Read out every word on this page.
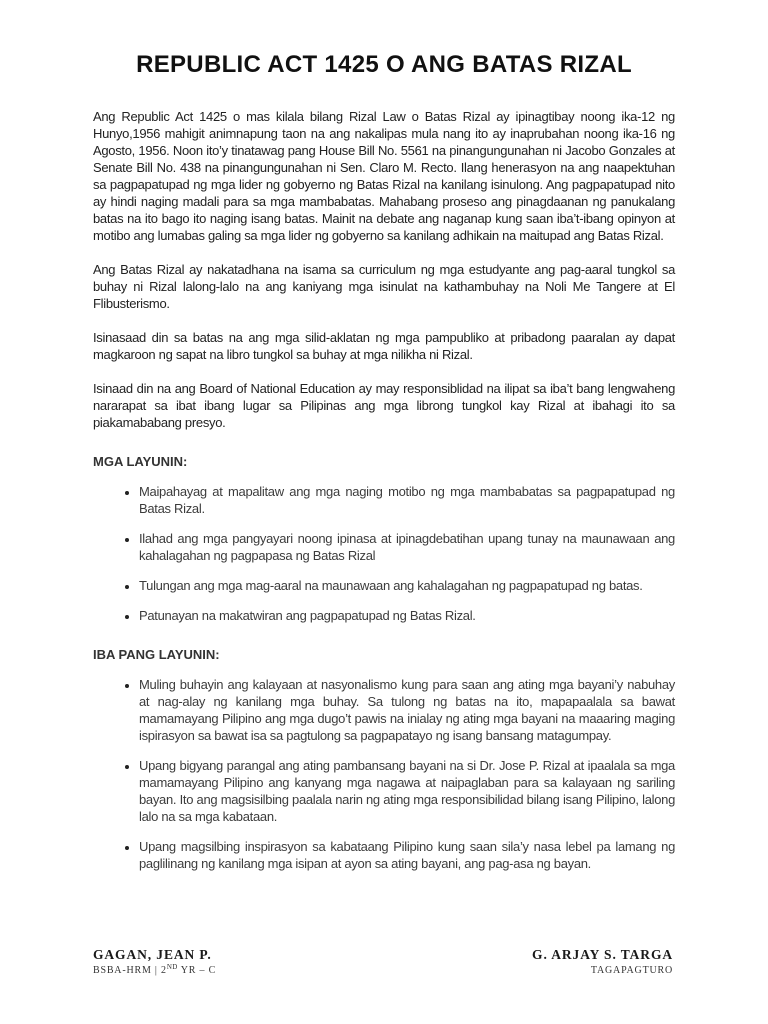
REPUBLIC ACT 1425 O ANG BATAS RIZAL

Ang Republic Act 1425 o mas kilala bilang Rizal Law o Batas Rizal ay ipinagtibay noong ika-12 ng Hunyo,1956 mahigit animnapung taon na ang nakalipas mula nang ito ay inaprubahan noong ika-16 ng Agosto, 1956. Noon ito’y tinatawag pang House Bill No. 5561 na pinangungunahan ni Jacobo Gonzales at Senate Bill No. 438 na pinangungunahan ni Sen. Claro M. Recto. Ilang henerasyon na ang naapektuhan sa pagpapatupad ng mga lider ng gobyerno ng Batas Rizal na kanilang isinulong. Ang pagpapatupad nito ay hindi naging madali para sa mga mambabatas. Mahabang proseso ang pinagdaanan ng panukalang batas na ito bago ito naging isang batas. Mainit na debate ang naganap kung saan iba’t-ibang opinyon at motibo ang lumabas galing sa mga lider ng gobyerno sa kanilang adhikain na maitupad ang Batas Rizal.

Ang Batas Rizal ay nakatadhana na isama sa curriculum ng mga estudyante ang pag-aaral tungkol sa buhay ni Rizal lalong-lalo na ang kaniyang mga isinulat na kathambuhay na Noli Me Tangere at El Flibusterismo.

Isinasaad din sa batas na ang mga silid-aklatan ng mga pampubliko at pribadong paaralan ay dapat magkaroon ng sapat na libro tungkol sa buhay at mga nilikha ni Rizal.

Isinaad din na ang Board of National Education ay may responsiblidad na ilipat sa iba’t bang lengwaheng nararapat sa ibat ibang lugar sa Pilipinas ang mga librong tungkol kay Rizal at ibahagi ito sa piakamababang presyo.

MGA LAYUNIN:
• Maipahayag at mapalitaw ang mga naging motibo ng mga mambabatas sa pagpapatupad ng Batas Rizal.
• Ilahad ang mga pangyayari noong ipinasa at ipinagdebatihan upang tunay na maunawaan ang kahalagahan ng pagpapasa ng Batas Rizal
• Tulungan ang mga mag-aaral na maunawaan ang kahalagahan ng pagpapatupad ng batas.
• Patunayan na makatwiran ang pagpapatupad ng Batas Rizal.
IBA PANG LAYUNIN:
• Muling buhayin ang kalayaan at nasyonalismo kung para saan ang ating mga bayani’y nabuhay at nag-alay ng kanilang mga buhay. Sa tulong ng batas na ito, mapapaalala sa bawat mamamayang Pilipino ang mga dugo’t pawis na inialay ng ating mga bayani na maaaring maging ispirasyon sa bawat isa sa pagtulong sa pagpapatayo ng isang bansang matagumpay.
• Upang bigyang parangal ang ating pambansang bayani na si Dr. Jose P. Rizal at ipaalala sa mga mamamayang Pilipino ang kanyang mga nagawa at naipaglaban para sa kalayaan ng sariling bayan. Ito ang magsisilbing paalala narin ng ating mga responsibilidad bilang isang Pilipino, lalong lalo na sa mga kabataan.
• Upang magsilbing inspirasyon sa kabataang Pilipino kung saan sila’y nasa lebel pa lamang ng paglilinang ng kanilang mga isipan at ayon sa ating bayani, ang pag-asa ng bayan.
GAGAN, JEAN P.
BSBA-HRM | 2ND YR – C
G. ARJAY S. TARGA
TAGAPAGTURO
